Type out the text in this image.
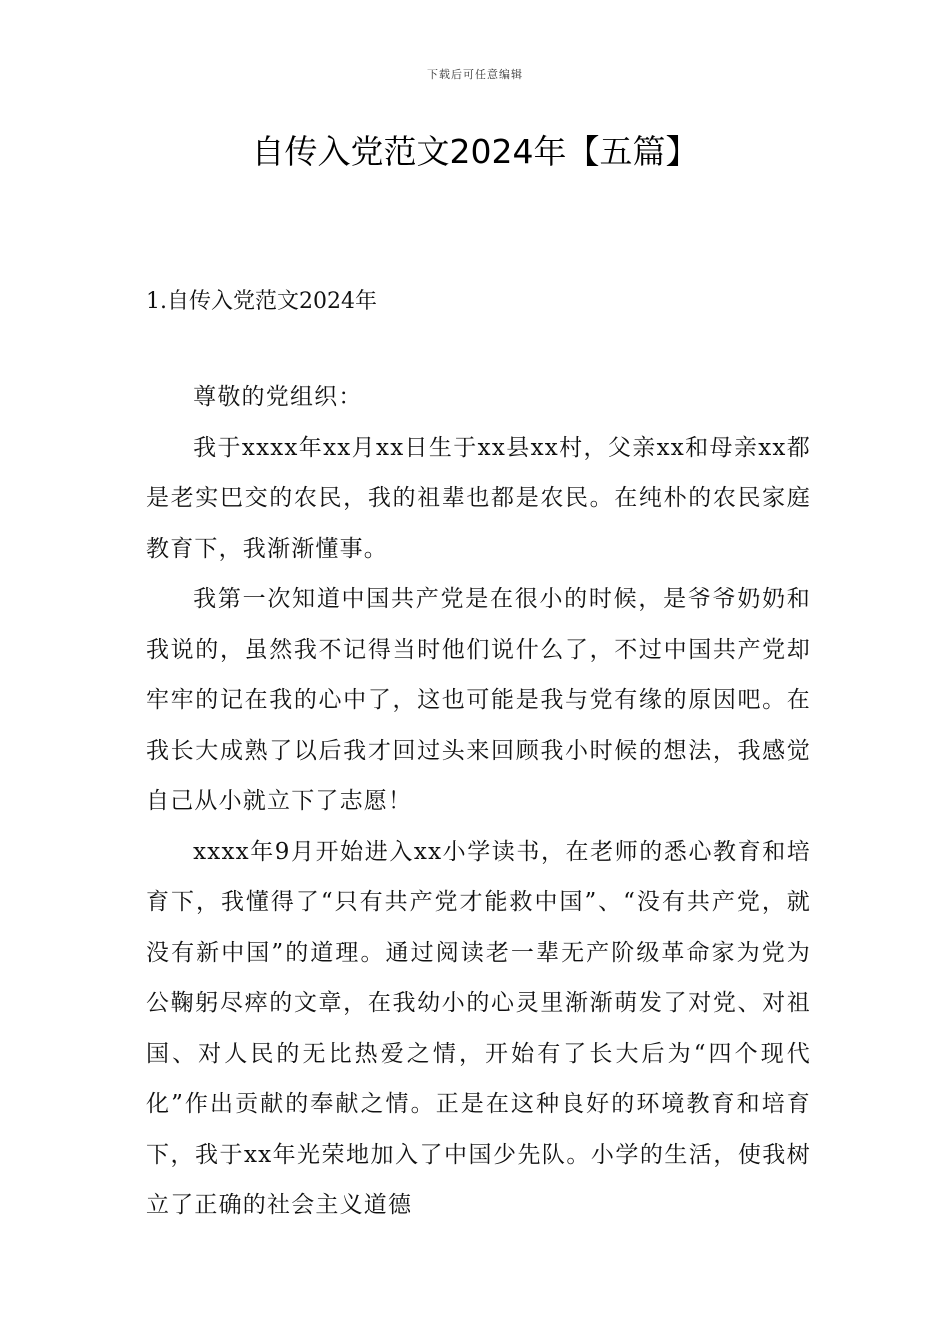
下载后可任意编辑
自传入党范文2024年【五篇】
1.自传入党范文2024年

尊敬的党组织：

我于xxxx年xx月xx日生于xx县xx村，父亲xx和母亲xx都是老实巴交的农民，我的祖辈也都是农民。在纯朴的农民家庭教育下，我渐渐懂事。

我第一次知道中国共产党是在很小的时候，是爷爷奶奶和我说的，虽然我不记得当时他们说什么了，不过中国共产党却牢牢的记在我的心中了，这也可能是我与党有缘的原因吧。在我长大成熟了以后我才回过头来回顾我小时候的想法，我感觉自己从小就立下了志愿！

xxxx年9月开始进入xx小学读书，在老师的悉心教育和培育下，我懂得了“只有共产党才能救中国”、“没有共产党，就没有新中国”的道理。通过阅读老一辈无产阶级革命家为党为公鞠躬尽瘁的文章，在我幼小的心灵里渐渐萌发了对党、对祖国、对人民的无比热爱之情，开始有了长大后为“四个现代化”作出贡献的奉献之情。正是在这种良好的环境教育和培育下，我于xx年光荣地加入了中国少先队。小学的生活，使我树立了正确的社会主义道德
